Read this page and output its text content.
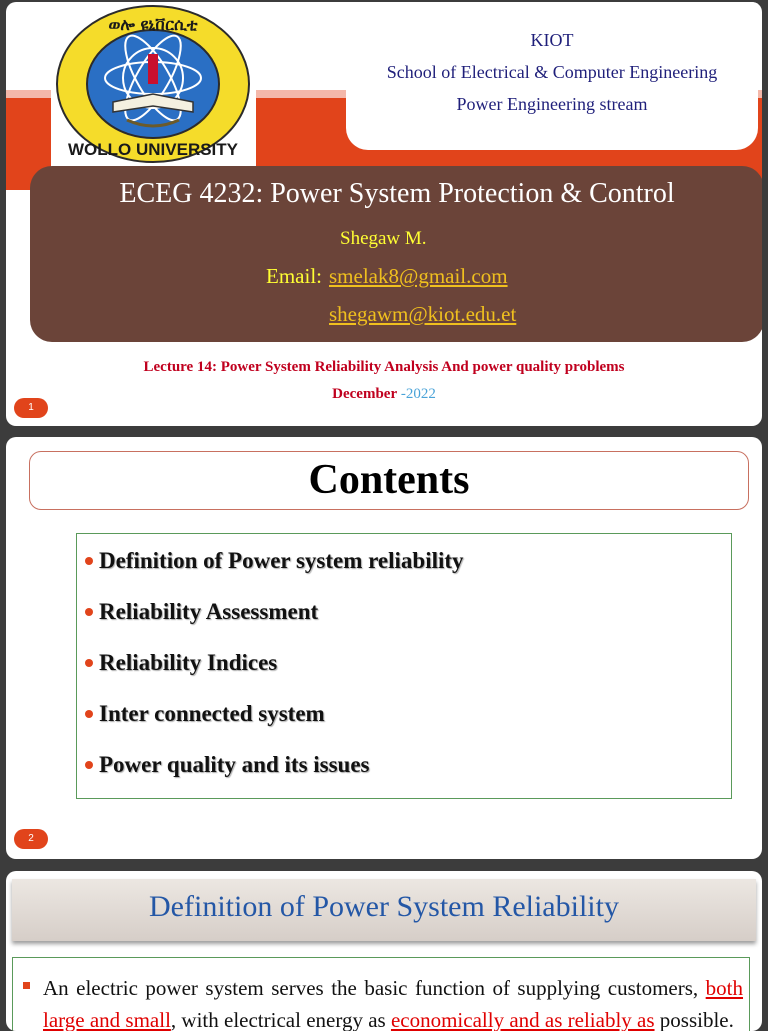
ወሎ ዩኒቨርሲቲ
WOLLO UNIVERSITY
KIOT
School of Electrical & Computer Engineering
Power Engineering stream
ECEG 4232: Power System Protection & Control
Shegaw M.
Email: smelak8@gmail.com
shegawm@kiot.edu.et
Lecture 14: Power System Reliability Analysis And power quality problems
December -2022
1
Contents
Definition of Power system reliability
Reliability Assessment
Reliability Indices
Inter connected system
Power quality and its issues
2
Definition of Power System Reliability
An electric power system serves the basic function of supplying customers, both large and small, with electrical energy as economically and as reliably as possible.
